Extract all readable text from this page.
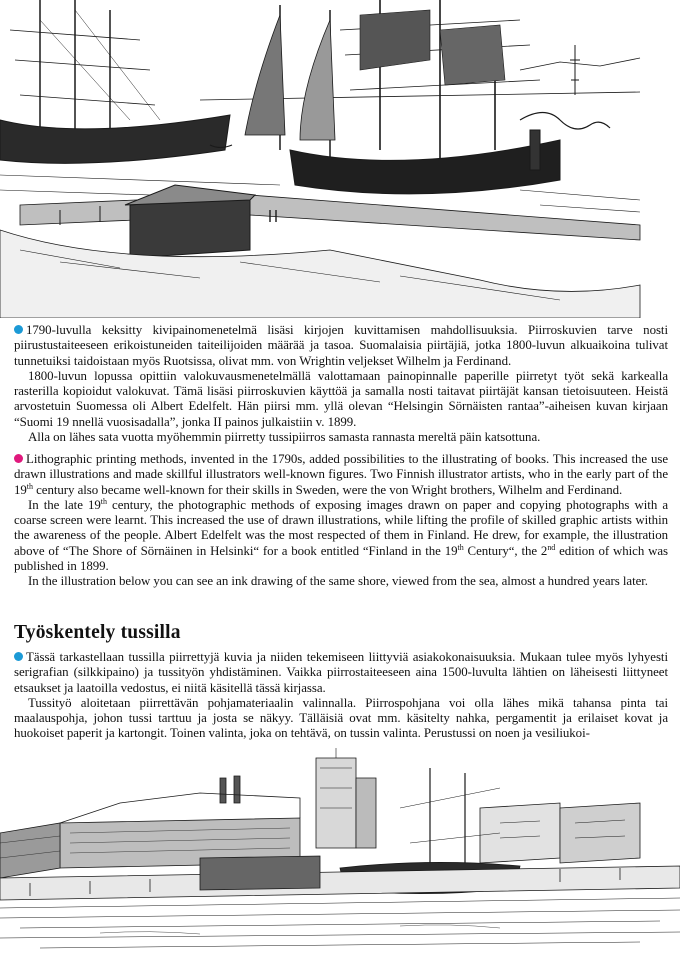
1790-luvulla keksitty kivipainomenetelmä lisäsi kirjojen kuvittamisen mahdollisuuksia. Piirroskuvien tarve nosti piirustustaiteeseen erikoistuneiden taiteilijoiden määrää ja tasoa. Suomalaisia piirtäjiä, jotka 1800-luvun alkuaikoina tulivat tunnetuiksi taidoistaan myös Ruotsissa, olivat mm. von Wrightin veljekset Wilhelm ja Ferdinand.

1800-luvun lopussa opittiin valokuvausmenetelmällä valottamaan painopinnalle paperille piirretyt työt sekä karkealla rasterilla kopioidut valokuvat. Tämä lisäsi piirroskuvien käyttöä ja samalla nosti taitavat piirtäjät kansan tietoisuuteen. Heistä arvostetuin Suomessa oli Albert Edelfelt. Hän piirsi mm. yllä olevan “Helsingin Sörnäisten rantaa”-aiheisen kuvan kirjaan “Suomi 19 nnellä vuosisadalla”, jonka II painos julkaistiin v. 1899.

Alla on lähes sata vuotta myöhemmin piirretty tussipiirros samasta rannasta mereltä päin katsottuna.

Lithographic printing methods, invented in the 1790s, added possibilities to the illustrating of books. This increased the use drawn illustrations and made skillful illustrators well-known figures. Two Finnish illustrator artists, who in the early part of the 19th century also became well-known for their skills in Sweden, were the von Wright brothers, Wilhelm and Ferdinand.

In the late 19th century, the photographic methods of exposing images drawn on paper and copying photographs with a coarse screen were learnt. This increased the use of drawn illustrations, while lifting the profile of skilled graphic artists within the awareness of the people. Albert Edelfelt was the most respected of them in Finland. He drew, for example, the illustration above of “The Shore of Sörnäinen in Helsinki“ for a book entitled “Finland in the 19th Century“, the 2nd edition of which was published in 1899.

In the illustration below you can see an ink drawing of the same shore, viewed from the sea, almost a hundred years later.

Työskentely tussilla

Tässä tarkastellaan tussilla piirrettyjä kuvia ja niiden tekemiseen liittyviä asiakokonaisuuksia. Mukaan tulee myös lyhyesti serigrafian (silkkipaino) ja tussityön yhdistäminen. Vaikka piirrostaiteeseen aina 1500-luvulta lähtien on läheisesti liittyneet etsaukset ja laatoilla vedostus, ei niitä käsitellä tässä kirjassa.

Tussityö aloitetaan piirrettävän pohjamateriaalin valinnalla. Piirrospohjana voi olla lähes mikä tahansa pinta tai maalauspohja, johon tussi tarttuu ja josta se näkyy. Tälläisiä ovat mm. käsitelty nahka, pergamentit ja erilaiset kovat ja huokoiset paperit ja kartongit. Toinen valinta, joka on tehtävä, on tussin valinta. Perustussi on noen ja vesiliukoi-
